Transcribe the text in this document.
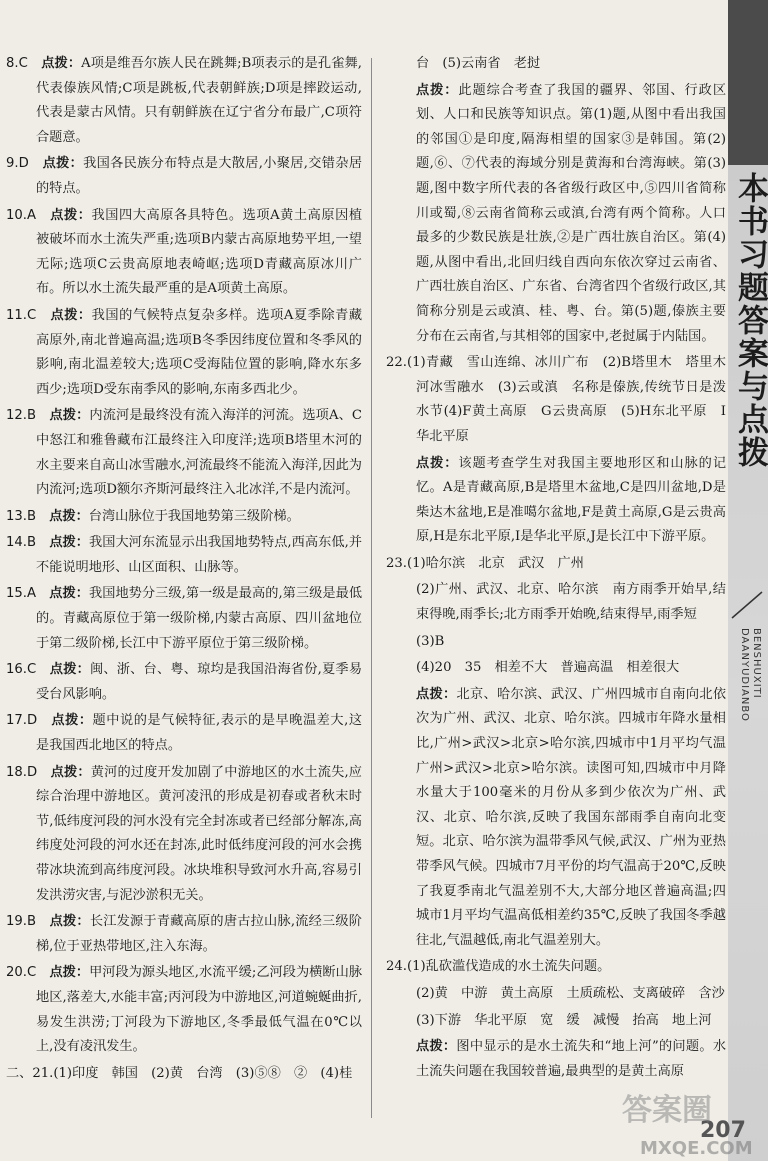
本书习题答案与点拨
BENSHUXITI
DAANYUDIANBO

8.C　 点拨：A项是维吾尔族人民在跳舞;B项表示的是孔雀舞,代表傣族风情;C项是跳板,代表朝鲜族;D项是摔跤运动,代表是蒙古风情。只有朝鲜族在辽宁省分布最广,C项符合题意。

9.D　 点拨：我国各民族分布特点是大散居,小聚居,交错杂居的特点。

10.A　 点拨：我国四大高原各具特色。选项A黄土高原因植被破坏而水土流失严重;选项B内蒙古高原地势平坦,一望无际;选项C云贵高原地表崎岖;选项D青藏高原冰川广布。所以水土流失最严重的是A项黄土高原。

11.C　 点拨：我国的气候特点复杂多样。选项A夏季除青藏高原外,南北普遍高温;选项B冬季因纬度位置和冬季风的影响,南北温差较大;选项C受海陆位置的影响,降水东多西少;选项D受东南季风的影响,东南多西北少。

12.B　 点拨：内流河是最终没有流入海洋的河流。选项A、C中怒江和雅鲁藏布江最终注入印度洋;选项B塔里木河的水主要来自高山冰雪融水,河流最终不能流入海洋,因此为内流河;选项D额尔齐斯河最终注入北冰洋,不是内流河。

13.B　 点拨：台湾山脉位于我国地势第三级阶梯。

14.B　 点拨：我国大河东流显示出我国地势特点,西高东低,并不能说明地形、山区面积、山脉等。

15.A　 点拨：我国地势分三级,第一级是最高的,第三级是最低的。青藏高原位于第一级阶梯,内蒙古高原、四川盆地位于第二级阶梯,长江中下游平原位于第三级阶梯。

16.C　 点拨：闽、浙、台、粤、琼均是我国沿海省份,夏季易受台风影响。

17.D　 点拨：题中说的是气候特征,表示的是早晚温差大,这是我国西北地区的特点。

18.D　 点拨：黄河的过度开发加剧了中游地区的水土流失,应综合治理中游地区。黄河凌汛的形成是初春或者秋末时节,低纬度河段的河水没有完全封冻或者已经部分解冻,高纬度处河段的河水还在封冻,此时低纬度河段的河水会携带冰块流到高纬度河段。冰块堆积导致河水升高,容易引发洪涝灾害,与泥沙淤积无关。

19.B　 点拨：长江发源于青藏高原的唐古拉山脉,流经三级阶梯,位于亚热带地区,注入东海。

20.C　 点拨：甲河段为源头地区,水流平缓;乙河段为横断山脉地区,落差大,水能丰富;丙河段为中游地区,河道蜿蜒曲折,易发生洪涝;丁河段为下游地区,冬季最低气温在0℃以上,没有凌汛发生。

二、21.(1)印度　韩国　(2)黄　台湾　(3)⑤⑧　②　(4)桂

台　(5)云南省　老挝

点拨：此题综合考查了我国的疆界、邻国、行政区划、人口和民族等知识点。第(1)题,从图中看出我国的邻国①是印度,隔海相望的国家③是韩国。第(2)题,⑥、⑦代表的海域分别是黄海和台湾海峡。第(3)题,图中数字所代表的各省级行政区中,⑤四川省简称川或蜀,⑧云南省简称云或滇,台湾有两个简称。人口最多的少数民族是壮族,②是广西壮族自治区。第(4)题,从图中看出,北回归线自西向东依次穿过云南省、广西壮族自治区、广东省、台湾省四个省级行政区,其简称分别是云或滇、桂、粤、台。第(5)题,傣族主要分布在云南省,与其相邻的国家中,老挝属于内陆国。

22.(1)青藏　雪山连绵、冰川广布　(2)B塔里木　塔里木河冰雪融水　(3)云或滇　名称是傣族,传统节日是泼水节(4)F黄土高原　G云贵高原　(5)H东北平原　I华北平原

点拨：该题考查学生对我国主要地形区和山脉的记忆。A是青藏高原,B是塔里木盆地,C是四川盆地,D是柴达木盆地,E是准噶尔盆地,F是黄土高原,G是云贵高原,H是东北平原,I是华北平原,J是长江中下游平原。

23.(1)哈尔滨　北京　武汉　广州

(2)广州、武汉、北京、哈尔滨　南方雨季开始早,结束得晚,雨季长;北方雨季开始晚,结束得早,雨季短

(3)B

(4)20　35　相差不大　普遍高温　相差很大

点拨：北京、哈尔滨、武汉、广州四城市自南向北依次为广州、武汉、北京、哈尔滨。四城市年降水量相比,广州>武汉>北京>哈尔滨,四城市中1月平均气温广州>武汉>北京>哈尔滨。读图可知,四城市中月降水量大于100毫米的月份从多到少依次为广州、武汉、北京、哈尔滨,反映了我国东部雨季自南向北变短。北京、哈尔滨为温带季风气候,武汉、广州为亚热带季风气候。四城市7月平份的均气温高于20℃,反映了我夏季南北气温差别不大,大部分地区普遍高温;四城市1月平均气温高低相差约35℃,反映了我国冬季越往北,气温越低,南北气温差别大。

24.(1)乱砍滥伐造成的水土流失问题。

(2)黄　中游　黄土高原　土质疏松、支离破碎　含沙

(3)下游　华北平原　宽　缓　减慢　抬高　地上河

点拨：图中显示的是水土流失和“地上河”的问题。水土流失问题在我国较普遍,最典型的是黄土高原

207
答案圈
MXQE.COM
